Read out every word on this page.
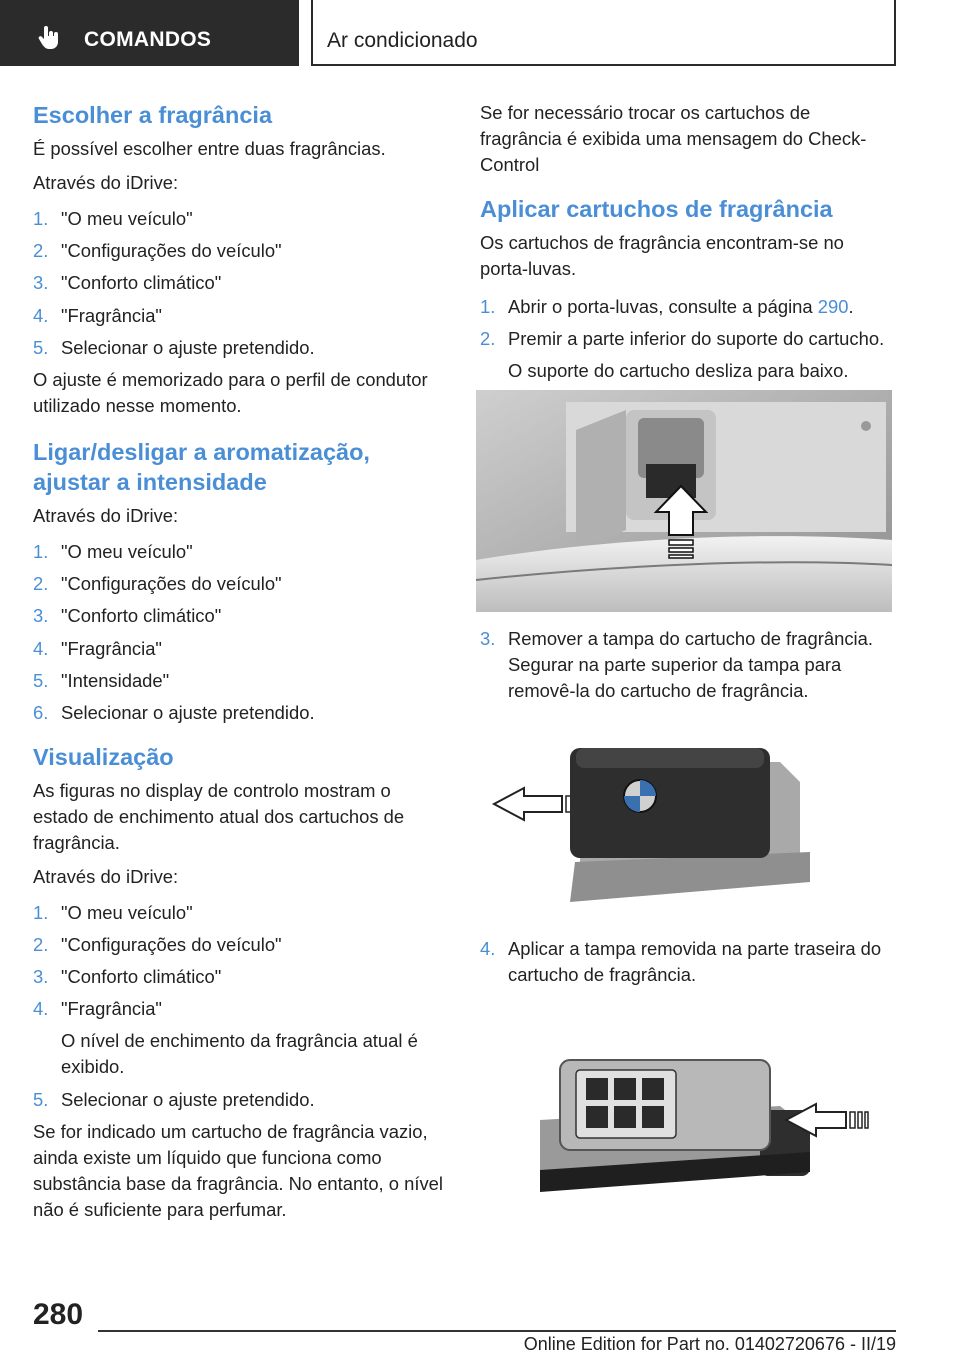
COMANDOS	Ar condicionado
Escolher a fragrância

É possível escolher entre duas fragrâncias.

Através do iDrive:

1. "O meu veículo"
2. "Configurações do veículo"
3. "Conforto climático"
4. "Fragrância"
5. Selecionar o ajuste pretendido.

O ajuste é memorizado para o perfil de condutor utilizado nesse momento.

Ligar/desligar a aromatização, ajustar a intensidade

Através do iDrive:

1. "O meu veículo"
2. "Configurações do veículo"
3. "Conforto climático"
4. "Fragrância"
5. "Intensidade"
6. Selecionar o ajuste pretendido.
Visualização

As figuras no display de controlo mostram o estado de enchimento atual dos cartuchos de fragrância.

Através do iDrive:

1. "O meu veículo"
2. "Configurações do veículo"
3. "Conforto climático"
4. "Fragrância"
O nível de enchimento da fragrância atual é exibido.
5. Selecionar o ajuste pretendido.

Se for indicado um cartucho de fragrância vazio, ainda existe um líquido que funciona como substância base da fragrância. No entanto, o nível não é suficiente para perfumar.

Se for necessário trocar os cartuchos de fragrância é exibida uma mensagem do Check-Control

Aplicar cartuchos de fragrância

Os cartuchos de fragrância encontram-se no porta-luvas.

1. Abrir o porta-luvas, consulte a página 290.
2. Premir a parte inferior do suporte do cartucho.
O suporte do cartucho desliza para baixo.
3. Remover a tampa do cartucho de fragrância. Segurar na parte superior da tampa para removê-la do cartucho de fragrância.
4. Aplicar a tampa removida na parte traseira do cartucho de fragrância.
280
Online Edition for Part no. 01402720676 - II/19
